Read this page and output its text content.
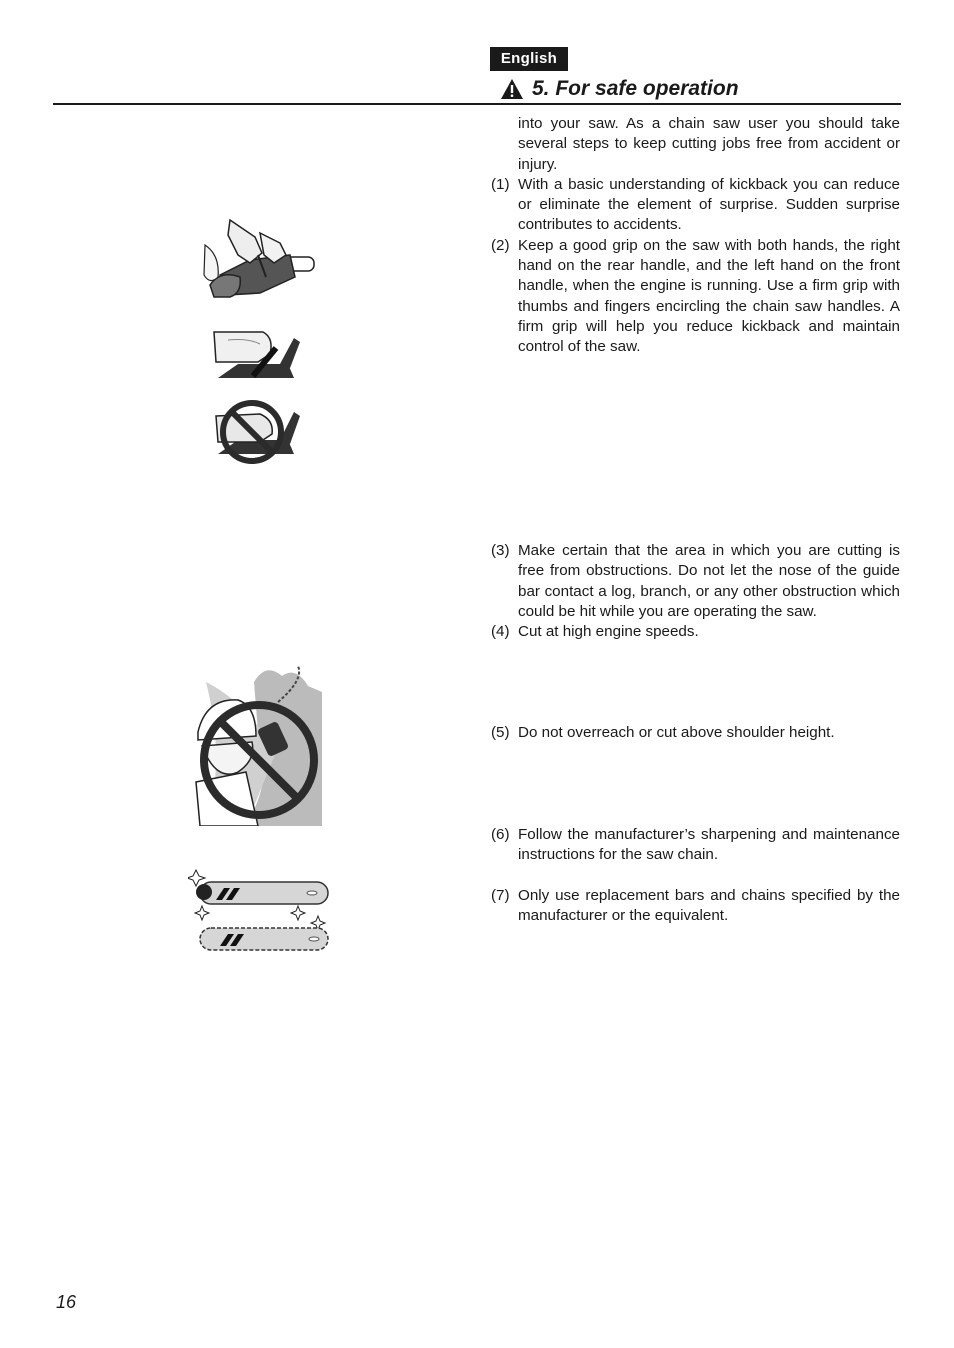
English
5. For safe operation

into your saw. As a chain saw user you should take several steps to keep cutting jobs free from accident or injury.

(1) With a basic understanding of kickback you can reduce or eliminate the element of surprise. Sudden surprise contributes to accidents.
(2) Keep a good grip on the saw with both hands, the right hand on the rear handle, and the left hand on the front handle, when the engine is running. Use a firm grip with thumbs and fingers encircling the chain saw handles. A firm grip will help you reduce kickback and maintain control of the saw.
(3) Make certain that the area in which you are cutting is free from obstructions. Do not let the nose of the guide bar contact a log, branch, or any other obstruction which could be hit while you are operating the saw.
(4) Cut at high engine speeds.
(5) Do not overreach or cut above shoulder height.
(6) Follow the manufacturer’s sharpening and maintenance instructions for the saw chain.
(7) Only use replacement bars and chains specified by the manufacturer or the equivalent.
16
